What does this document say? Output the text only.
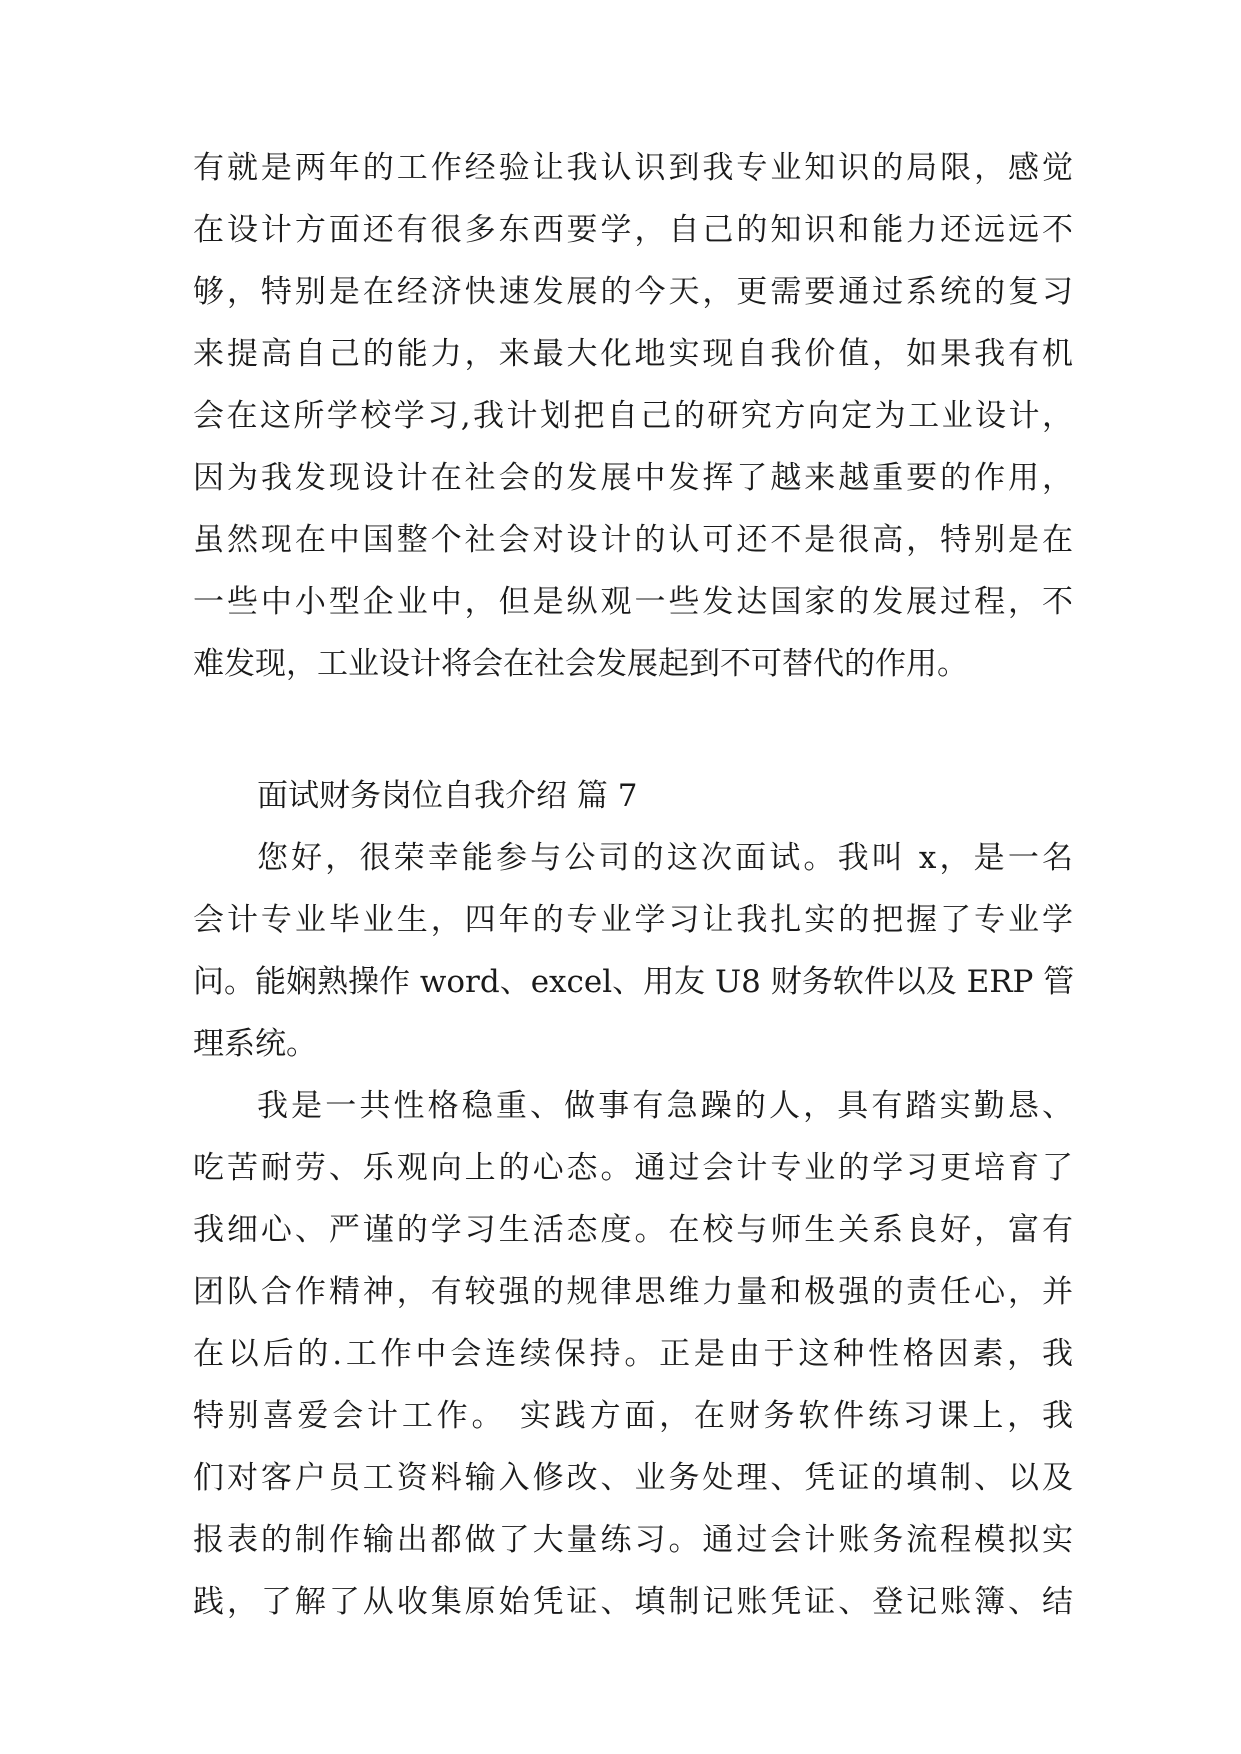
有就是两年的工作经验让我认识到我专业知识的局限，感觉
在设计方面还有很多东西要学，自己的知识和能力还远远不
够，特别是在经济快速发展的今天，更需要通过系统的复习
来提高自己的能力，来最大化地实现自我价值，如果我有机
会在这所学校学习,我计划把自己的研究方向定为工业设计，
因为我发现设计在社会的发展中发挥了越来越重要的作用，
虽然现在中国整个社会对设计的认可还不是很高，特别是在
一些中小型企业中，但是纵观一些发达国家的发展过程，不
难发现，工业设计将会在社会发展起到不可替代的作用。
面试财务岗位自我介绍 篇 7
您好，很荣幸能参与公司的这次面试。我叫 x，是一名
会计专业毕业生，四年的专业学习让我扎实的把握了专业学
问。能娴熟操作 word、excel、用友 U8 财务软件以及 ERP 管
理系统。
我是一共性格稳重、做事有急躁的人，具有踏实勤恳、
吃苦耐劳、乐观向上的心态。通过会计专业的学习更培育了
我细心、严谨的学习生活态度。在校与师生关系良好，富有
团队合作精神，有较强的规律思维力量和极强的责任心，并
在以后的.工作中会连续保持。正是由于这种性格因素，我
特别喜爱会计工作。 实践方面，在财务软件练习课上，我
们对客户员工资料输入修改、业务处理、凭证的填制、以及
报表的制作输出都做了大量练习。通过会计账务流程模拟实
践，了解了从收集原始凭证、填制记账凭证、登记账簿、结
